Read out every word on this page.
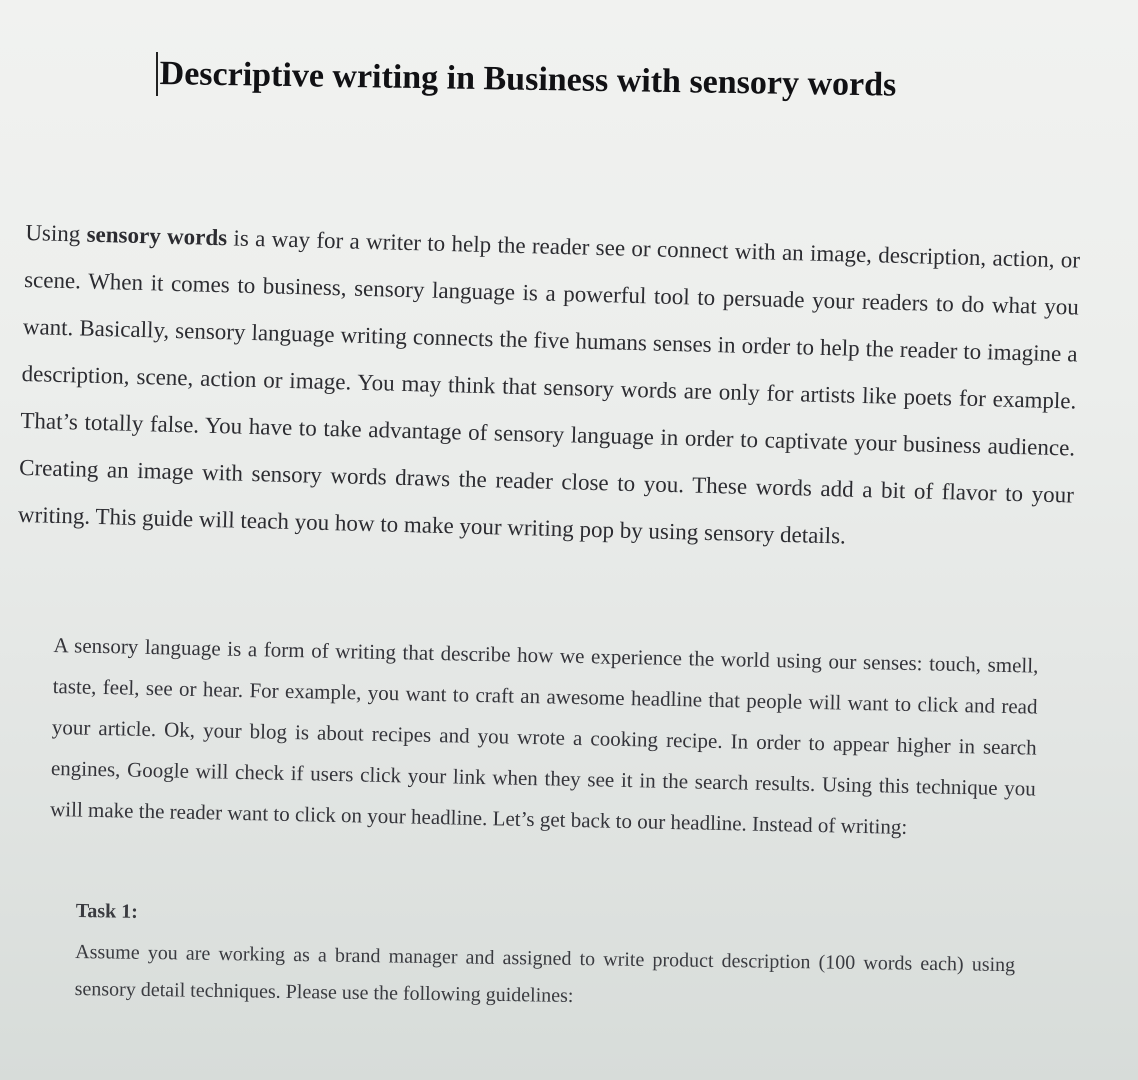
Descriptive writing in Business with sensory words

Using sensory words is a way for a writer to help the reader see or connect with an image, description, action, or scene. When it comes to business, sensory language is a powerful tool to persuade your readers to do what you want. Basically, sensory language writing connects the five humans senses in order to help the reader to imagine a description, scene, action or image. You may think that sensory words are only for artists like poets for example. That’s totally false. You have to take advantage of sensory language in order to captivate your business audience. Creating an image with sensory words draws the reader close to you. These words add a bit of flavor to your writing. This guide will teach you how to make your writing pop by using sensory details.

A sensory language is a form of writing that describe how we experience the world using our senses: touch, smell, taste, feel, see or hear. For example, you want to craft an awesome headline that people will want to click and read your article. Ok, your blog is about recipes and you wrote a cooking recipe. In order to appear higher in search engines, Google will check if users click your link when they see it in the search results. Using this technique you will make the reader want to click on your headline. Let’s get back to our headline. Instead of writing:

Task 1:

Assume you are working as a brand manager and assigned to write product description (100 words each) using sensory detail techniques. Please use the following guidelines:
